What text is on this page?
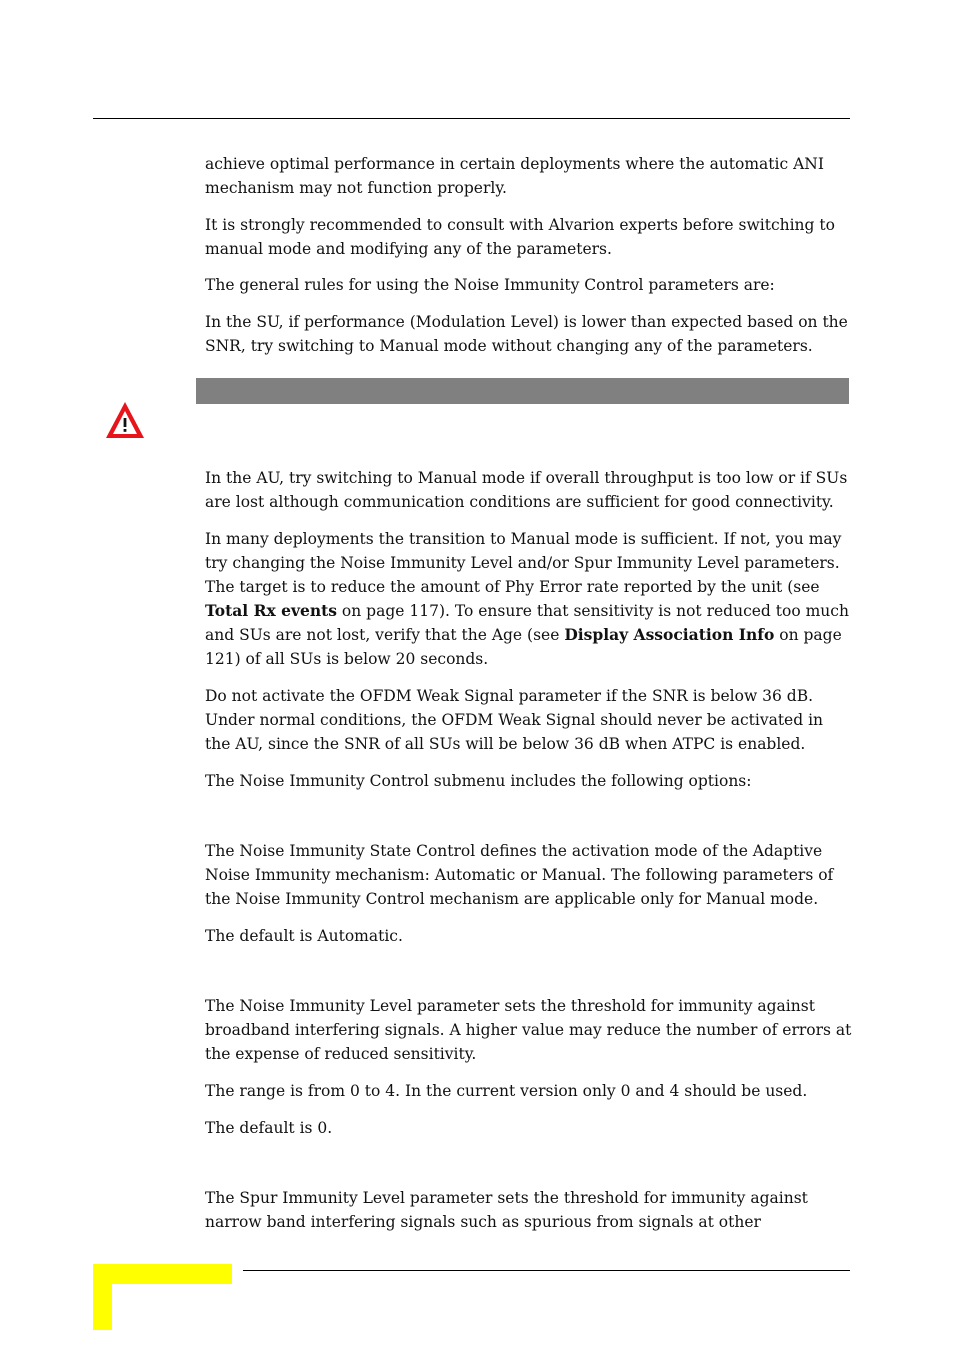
achieve optimal performance in certain deployments where the automatic ANI mechanism may not function properly.

It is strongly recommended to consult with Alvarion experts before switching to manual mode and modifying any of the parameters.

The general rules for using the Noise Immunity Control parameters are:

In the SU, if performance (Modulation Level) is lower than expected based on the SNR, try switching to Manual mode without changing any of the parameters.

In the AU, try switching to Manual mode if overall throughput is too low or if SUs are lost although communication conditions are sufficient for good connectivity.

In many deployments the transition to Manual mode is sufficient. If not, you may try changing the Noise Immunity Level and/or Spur Immunity Level parameters. The target is to reduce the amount of Phy Error rate reported by the unit (see Total Rx events on page 117). To ensure that sensitivity is not reduced too much and SUs are not lost, verify that the Age (see Display Association Info on page 121) of all SUs is below 20 seconds.

Do not activate the OFDM Weak Signal parameter if the SNR is below 36 dB. Under normal conditions, the OFDM Weak Signal should never be activated in the AU, since the SNR of all SUs will be below 36 dB when ATPC is enabled.

The Noise Immunity Control submenu includes the following options:

The Noise Immunity State Control defines the activation mode of the Adaptive Noise Immunity mechanism: Automatic or Manual. The following parameters of the Noise Immunity Control mechanism are applicable only for Manual mode.

The default is Automatic.

The Noise Immunity Level parameter sets the threshold for immunity against broadband interfering signals. A higher value may reduce the number of errors at the expense of reduced sensitivity.

The range is from 0 to 4. In the current version only 0 and 4 should be used.

The default is 0.

The Spur Immunity Level parameter sets the threshold for immunity against narrow band interfering signals such as spurious from signals at other
